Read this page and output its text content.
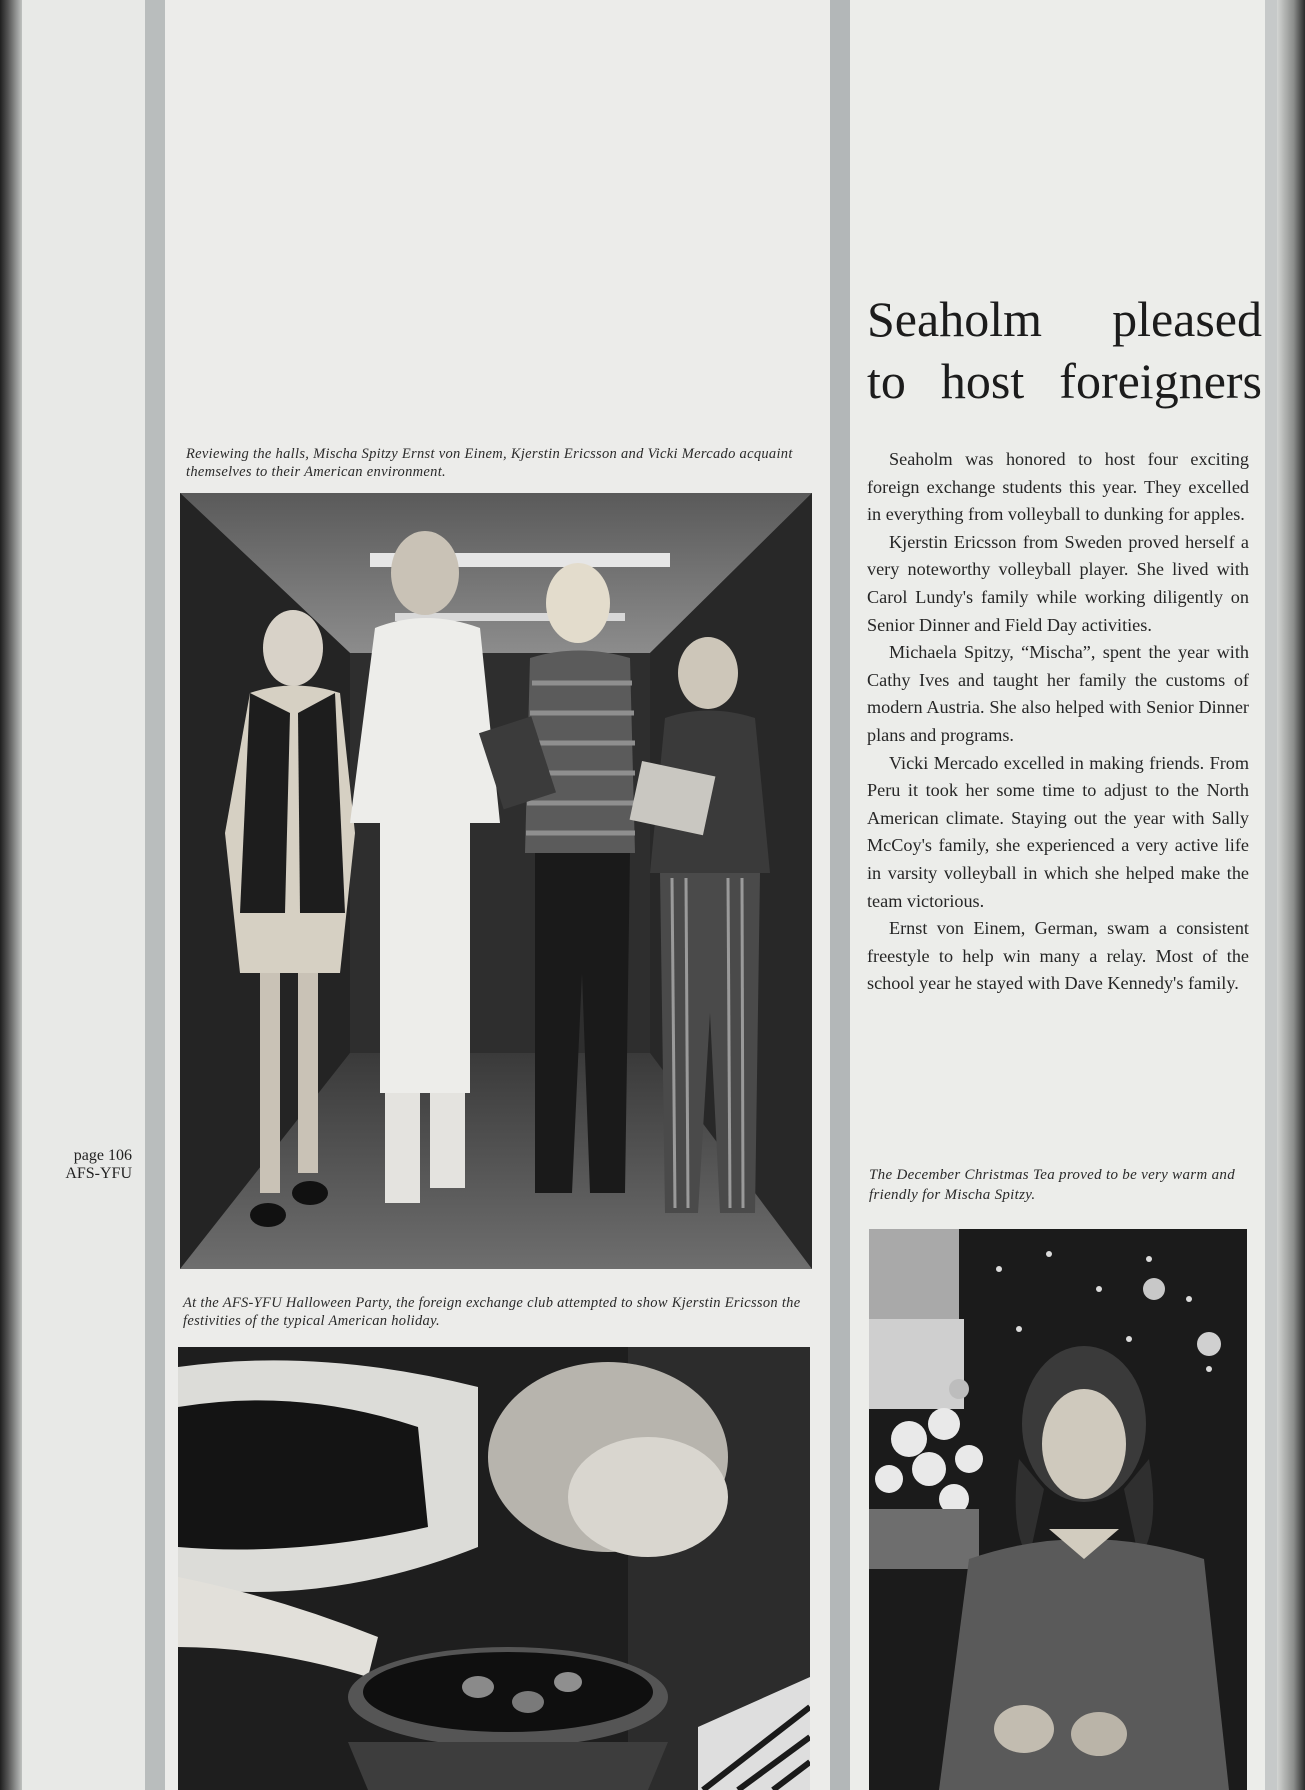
Reviewing the halls, Mischa Spitzy Ernst von Einem, Kjerstin Ericsson and Vicki Mercado acquaint themselves to their American environment.
At the AFS-YFU Halloween Party, the foreign exchange club attempted to show Kjerstin Ericsson the festivities of the typical American holiday.
page 106
AFS-YFU
Seaholm pleased
to host foreigners

Seaholm was honored to host four exciting foreign exchange students this year. They excelled in everything from volleyball to dunking for apples.

Kjerstin Ericsson from Sweden proved herself a very noteworthy volleyball player. She lived with Carol Lundy's family while working diligently on Senior Dinner and Field Day activities.

Michaela Spitzy, “Mischa”, spent the year with Cathy Ives and taught her family the customs of modern Austria. She also helped with Senior Dinner plans and programs.

Vicki Mercado excelled in making friends. From Peru it took her some time to adjust to the North American climate. Staying out the year with Sally McCoy's family, she experienced a very active life in varsity volleyball in which she helped make the team victorious.

Ernst von Einem, German, swam a consistent freestyle to help win many a relay. Most of the school year he stayed with Dave Kennedy's family.

The December Christmas Tea proved to be very warm and friendly for Mischa Spitzy.
